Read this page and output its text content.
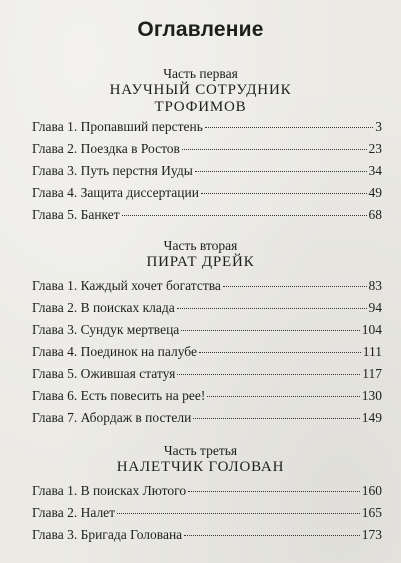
Оглавление
Часть первая
НАУЧНЫЙ СОТРУДНИК
ТРОФИМОВ
Глава 1. Пропавший перстень	3
Глава 2. Поездка в Ростов	23
Глава 3. Путь перстня Иуды	34
Глава 4. Защита диссертации	49
Глава 5. Банкет	68
Часть вторая
ПИРАТ ДРЕЙК
Глава 1. Каждый хочет богатства	83
Глава 2. В поисках клада	94
Глава 3. Сундук мертвеца	104
Глава 4. Поединок на палубе	111
Глава 5. Ожившая статуя	117
Глава 6. Есть повесить на рее!	130
Глава 7. Абордаж в постели	149
Часть третья
НАЛЕТЧИК ГОЛОВАН
Глава 1. В поисках Лютого	160
Глава 2. Налет	165
Глава 3. Бригада Голована	173
